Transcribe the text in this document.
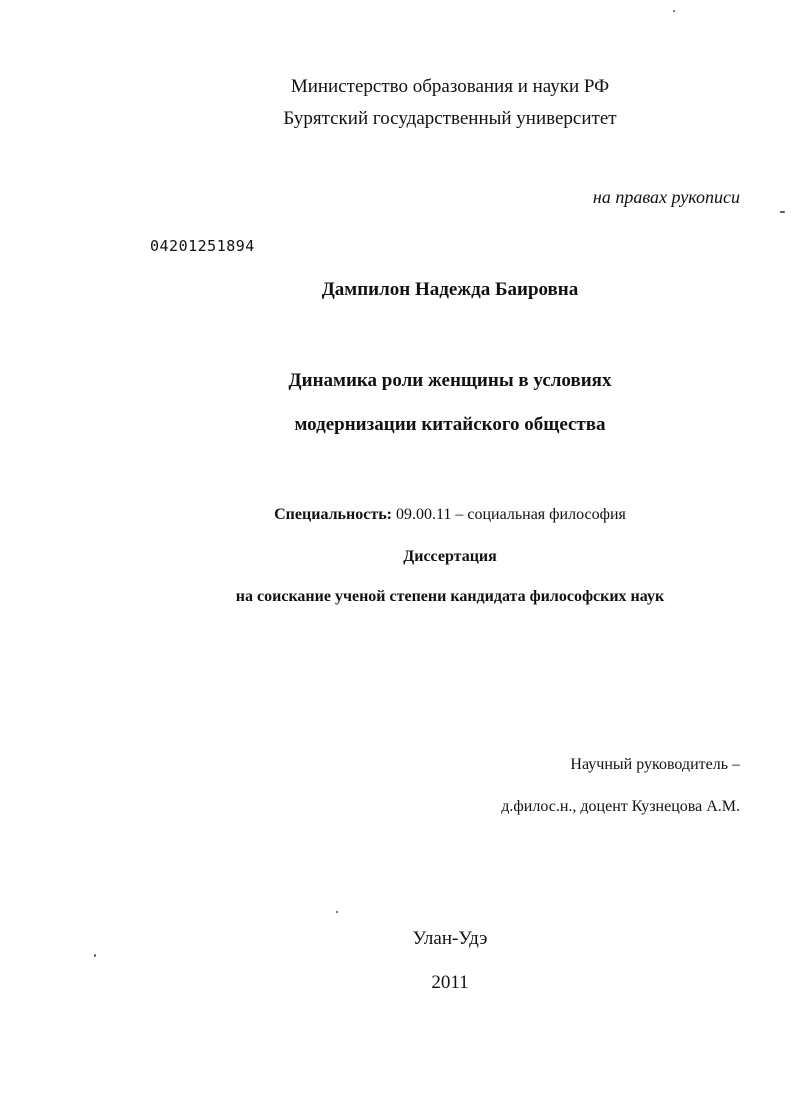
Министерство образования и науки РФ
Бурятский государственный университет
на правах рукописи
04201251894
Дампилон Надежда Баировна
Динамика роли женщины в условиях
модернизации китайского общества
Специальность: 09.00.11 – социальная философия
Диссертация
на соискание ученой степени кандидата философских наук
Научный руководитель –
д.филос.н., доцент Кузнецова А.М.
Улан-Удэ
2011
